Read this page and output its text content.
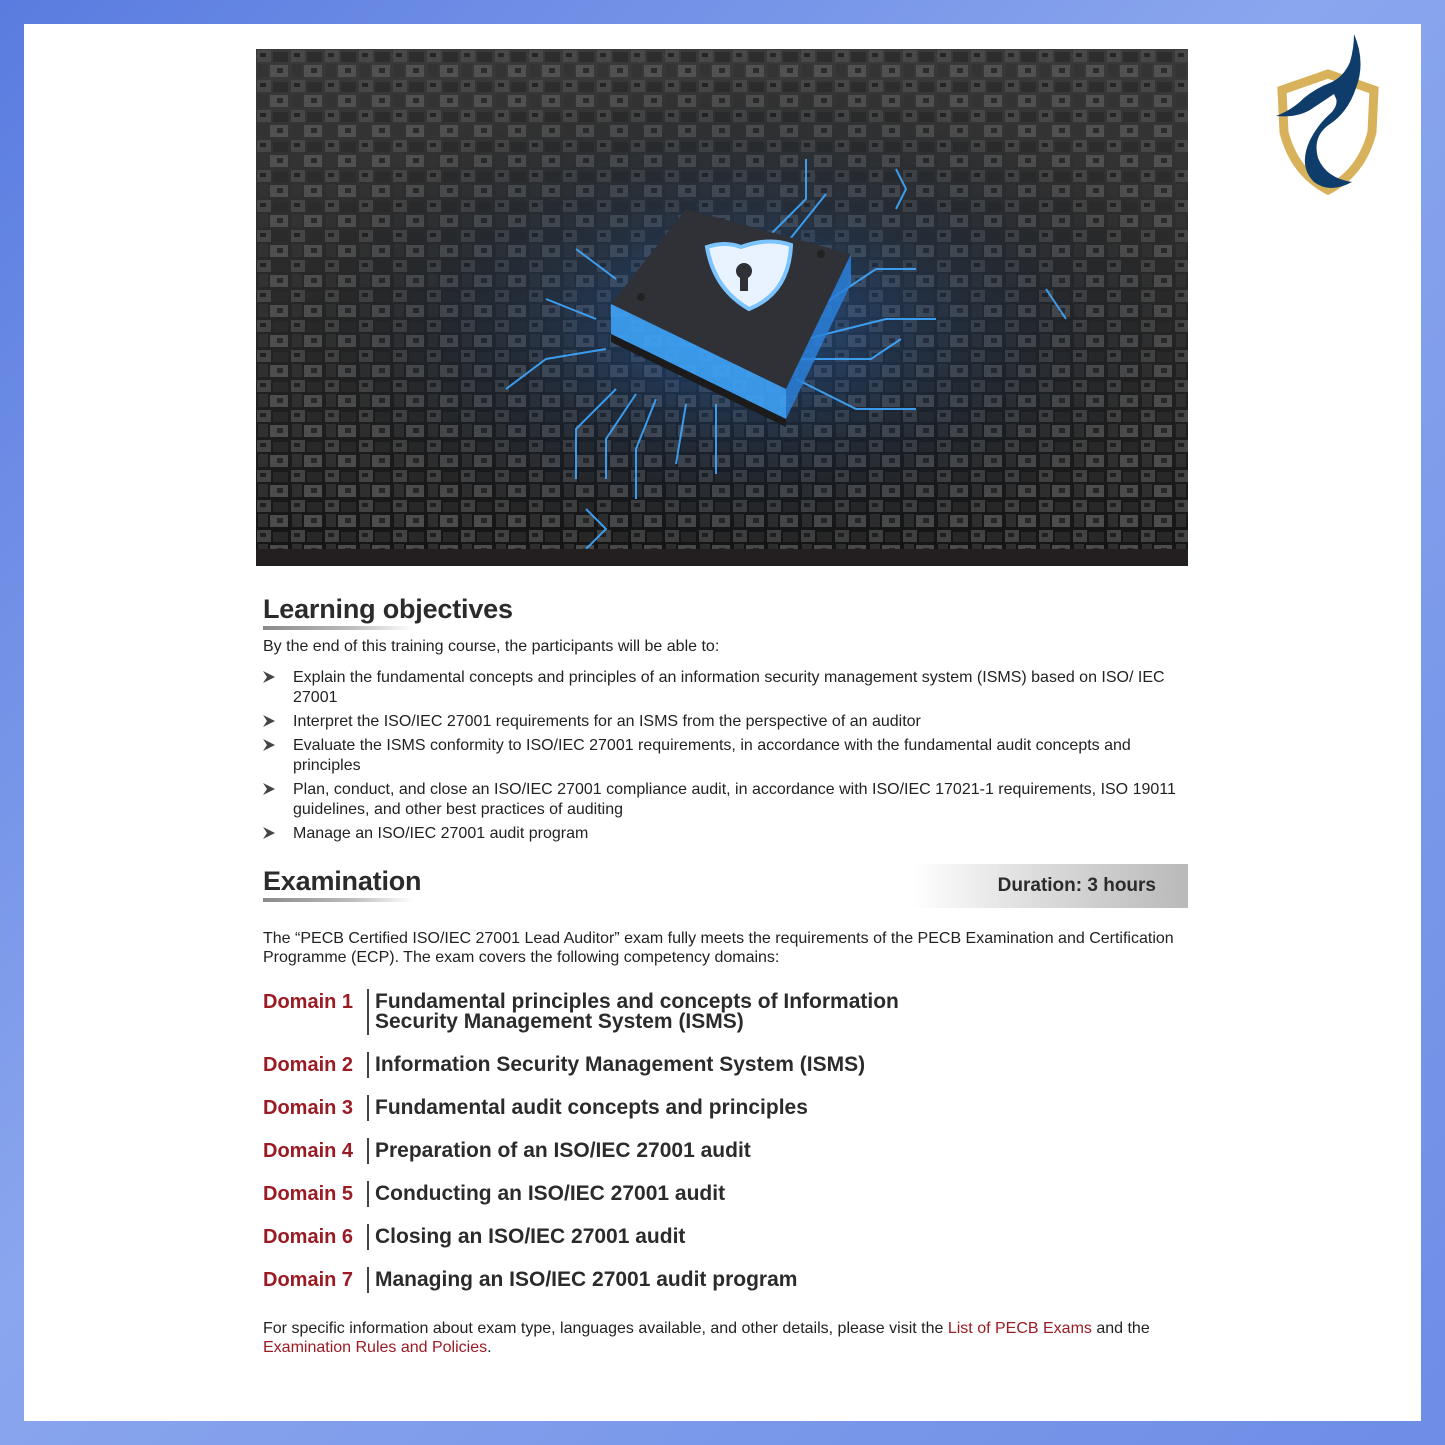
Learning objectives

By the end of this training course, the participants will be able to:

Explain the fundamental concepts and principles of an information security management system (ISMS) based on ISO/ IEC 27001
Interpret the ISO/IEC 27001 requirements for an ISMS from the perspective of an auditor
Evaluate the ISMS conformity to ISO/IEC 27001 requirements, in accordance with the fundamental audit concepts and principles
Plan, conduct, and close an ISO/IEC 27001 compliance audit, in accordance with ISO/IEC 17021-1 requirements, ISO 19011 guidelines, and other best practices of auditing
Manage an ISO/IEC 27001 audit program
Examination	Duration: 3 hours

The “PECB Certified ISO/IEC 27001 Lead Auditor” exam fully meets the requirements of the PECB Examination and Certification Programme (ECP). The exam covers the following competency domains:

Domain 1	Fundamental principles and concepts of Information Security Management System (ISMS)
Domain 2	Information Security Management System (ISMS)
Domain 3	Fundamental audit concepts and principles
Domain 4	Preparation of an ISO/IEC 27001 audit
Domain 5	Conducting an ISO/IEC 27001 audit
Domain 6	Closing an ISO/IEC 27001 audit
Domain 7	Managing an ISO/IEC 27001 audit program

For specific information about exam type, languages available, and other details, please visit the List of PECB Exams and the Examination Rules and Policies.
